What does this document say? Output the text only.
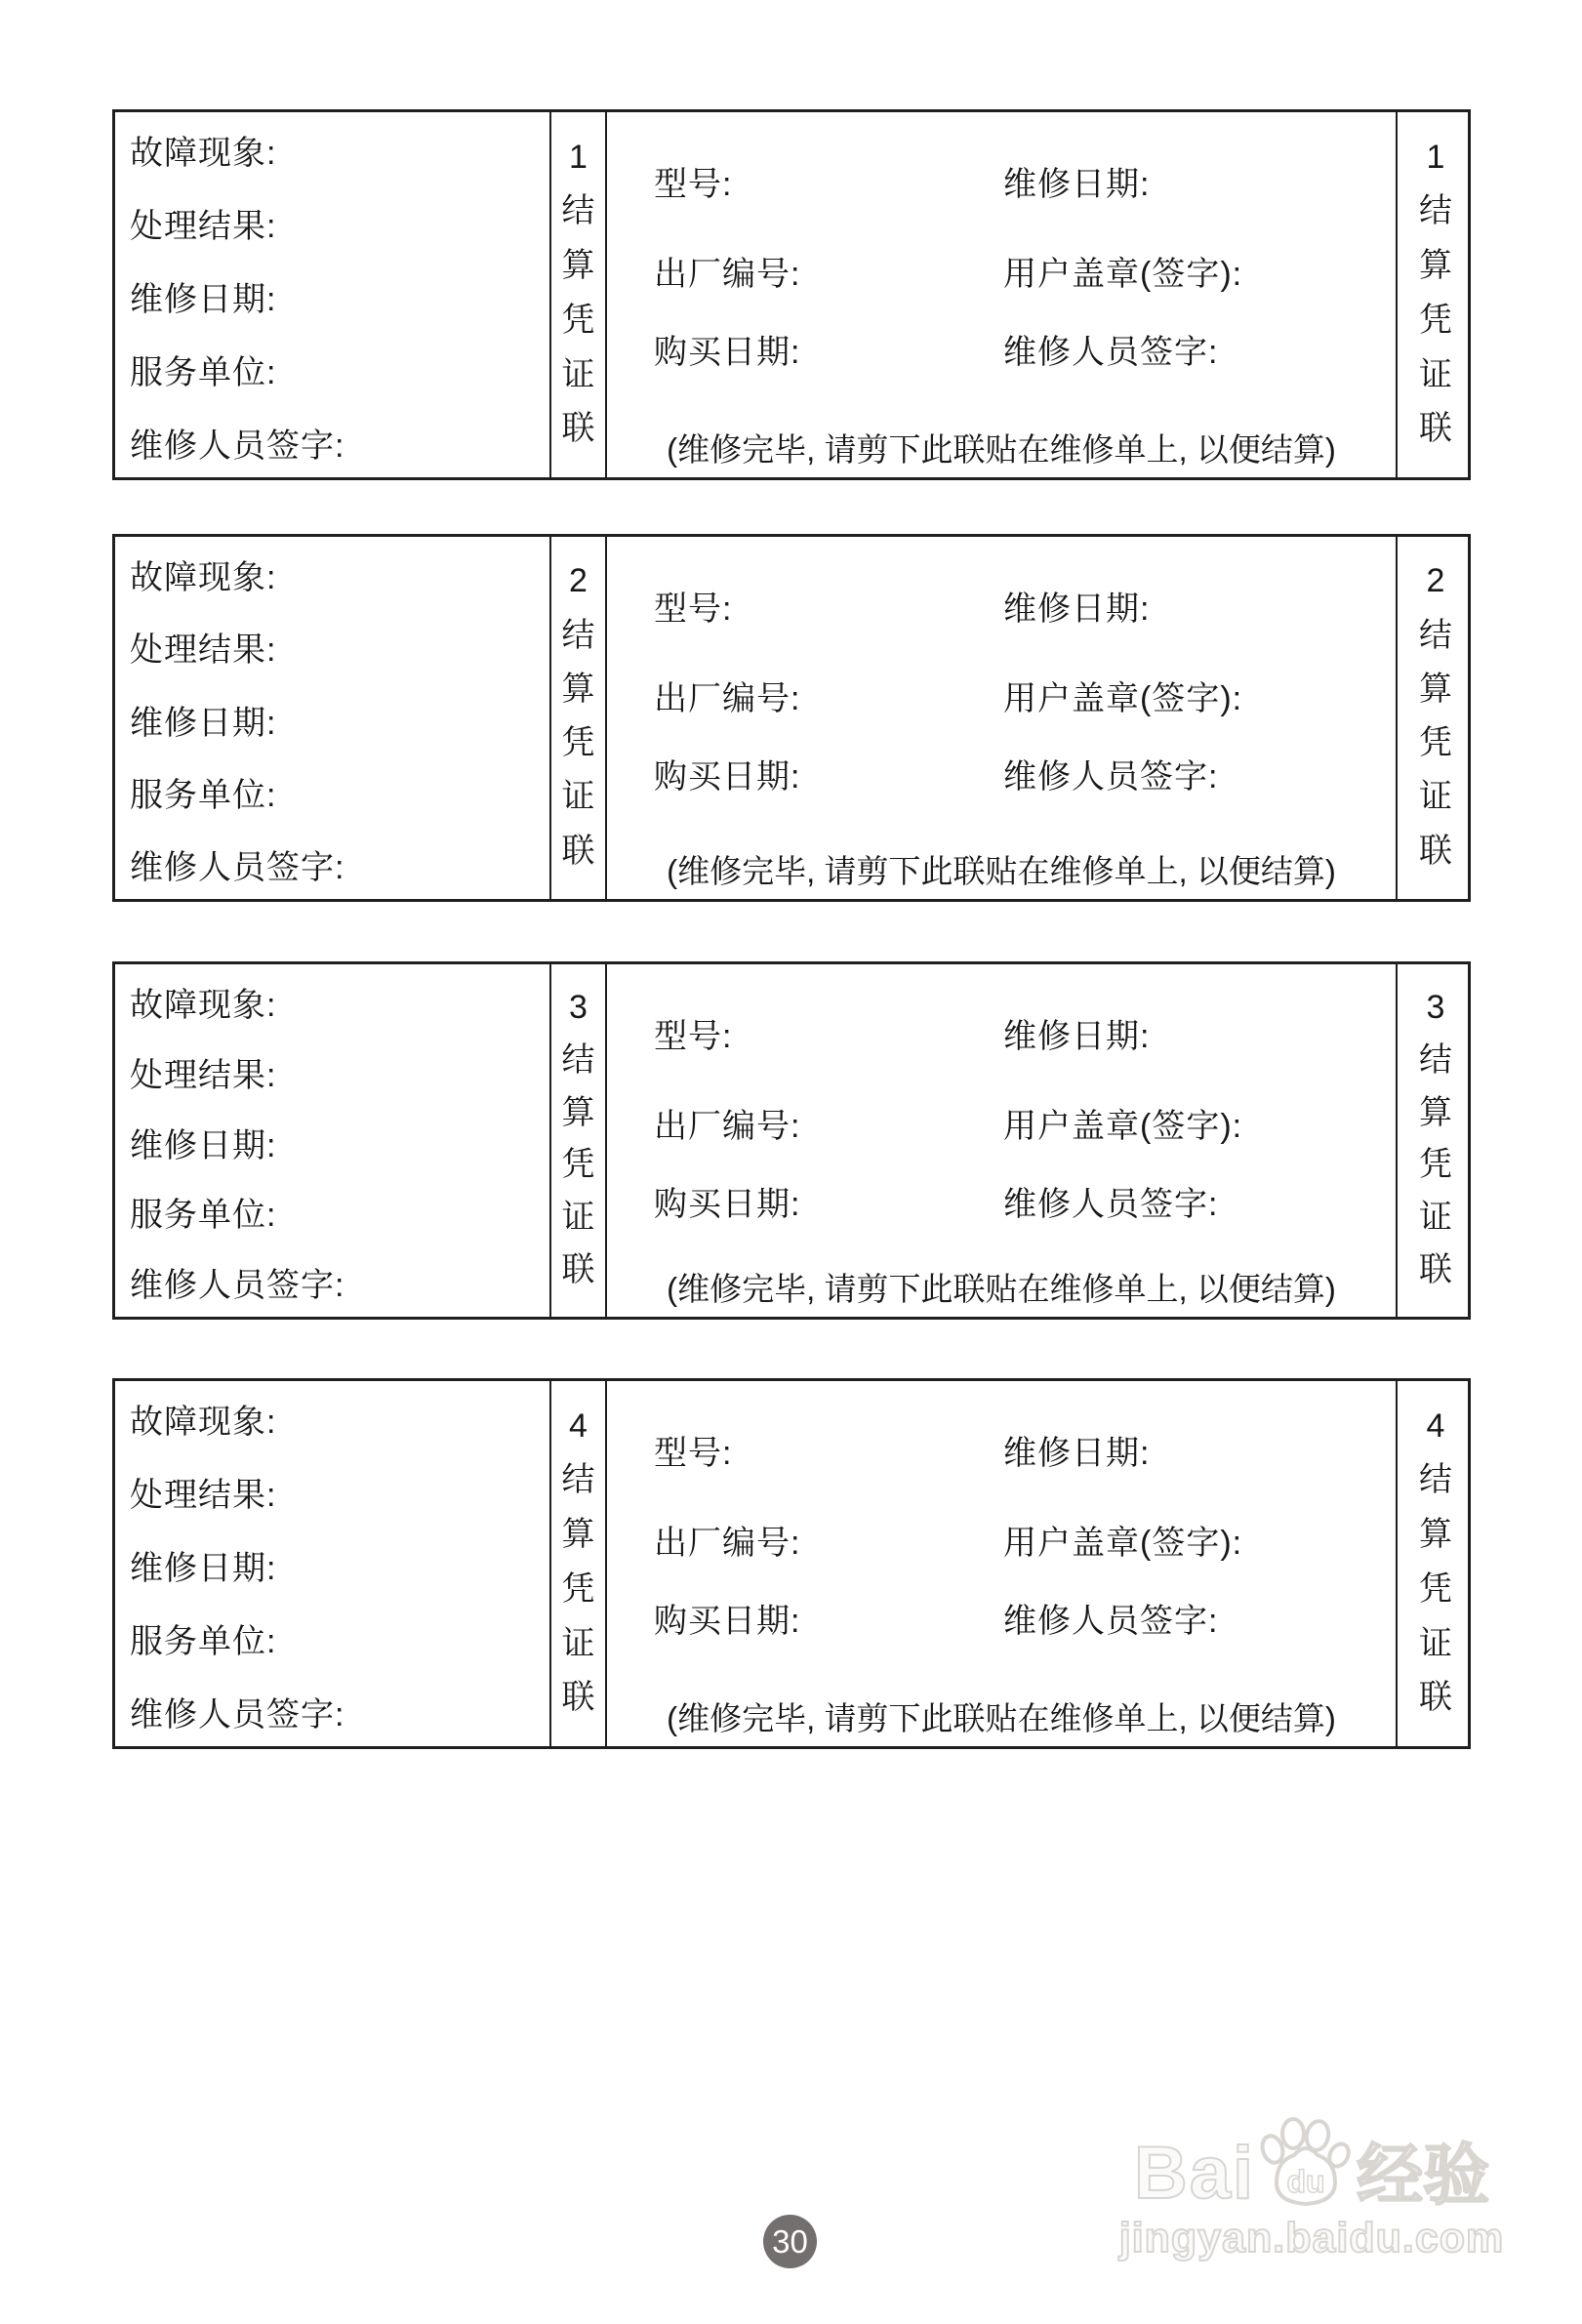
故障现象:
处理结果:
维修日期:
服务单位:
维修人员签字:
1
结
算
凭
证
联
型号:	维修日期:
出厂编号:	用户盖章(签字):
购买日期:	维修人员签字:
(维修完毕, 请剪下此联贴在维修单上, 以便结算)
1
结
算
凭
证
联
故障现象:
处理结果:
维修日期:
服务单位:
维修人员签字:
2
结
算
凭
证
联
型号:	维修日期:
出厂编号:	用户盖章(签字):
购买日期:	维修人员签字:
(维修完毕, 请剪下此联贴在维修单上, 以便结算)
2
结
算
凭
证
联
故障现象:
处理结果:
维修日期:
服务单位:
维修人员签字:
3
结
算
凭
证
联
型号:	维修日期:
出厂编号:	用户盖章(签字):
购买日期:	维修人员签字:
(维修完毕, 请剪下此联贴在维修单上, 以便结算)
3
结
算
凭
证
联
故障现象:
处理结果:
维修日期:
服务单位:
维修人员签字:
4
结
算
凭
证
联
型号:	维修日期:
出厂编号:	用户盖章(签字):
购买日期:	维修人员签字:
(维修完毕, 请剪下此联贴在维修单上, 以便结算)
4
结
算
凭
证
联
30
Bai du 经验
jingyan.baidu.com
